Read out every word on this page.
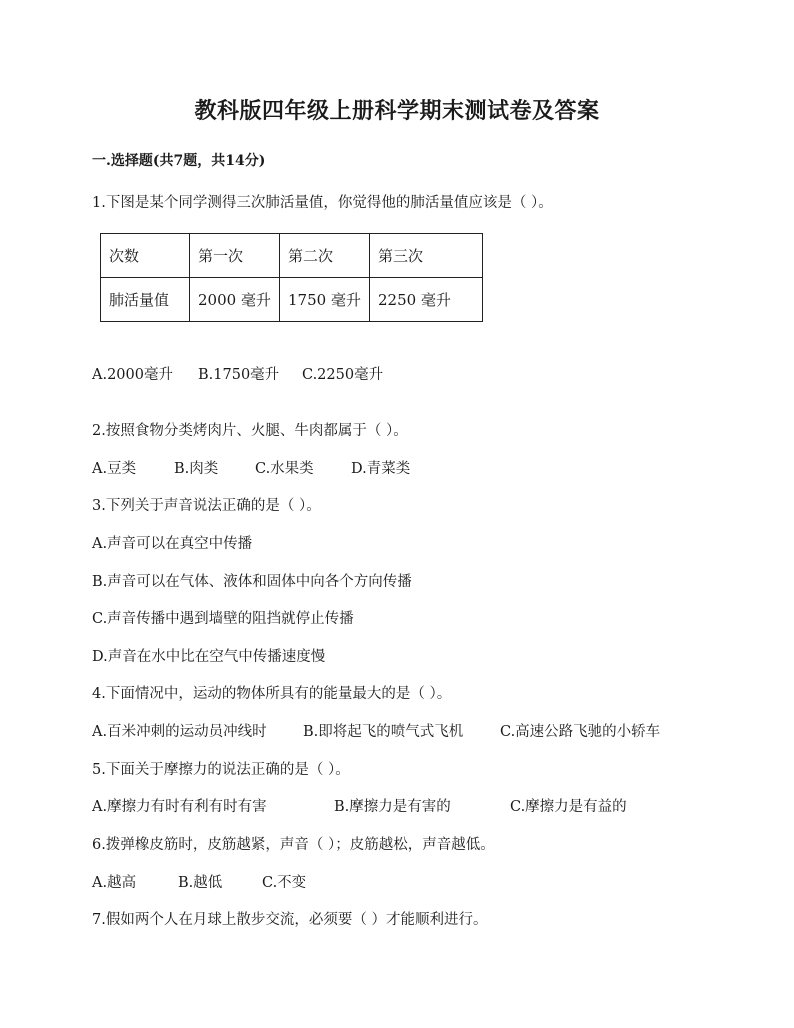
教科版四年级上册科学期末测试卷及答案
一.选择题(共7题，共14分)
1.下图是某个同学测得三次肺活量值，你觉得他的肺活量值应该是（ ）。
次数	第一次	第二次	第三次
肺活量值	2000 毫升	1750 毫升	2250 毫升
A.2000毫升 B.1750毫升 C.2250毫升
2.按照食物分类烤肉片、火腿、牛肉都属于（ ）。
A.豆类	B.肉类	C.水果类	D.青菜类
3.下列关于声音说法正确的是（ ）。
A.声音可以在真空中传播
B.声音可以在气体、液体和固体中向各个方向传播
C.声音传播中遇到墙壁的阻挡就停止传播
D.声音在水中比在空气中传播速度慢
4.下面情况中，运动的物体所具有的能量最大的是（ ）。
A.百米冲刺的运动员冲线时	B.即将起飞的喷气式飞机	C.高速公路飞驰的小轿车
5.下面关于摩擦力的说法正确的是（ ）。
A.摩擦力有时有利有时有害	B.摩擦力是有害的	C.摩擦力是有益的
6.拨弹橡皮筋时，皮筋越紧，声音（ ）；皮筋越松，声音越低。
A.越高	B.越低	C.不变
7.假如两个人在月球上散步交流，必须要（ ）才能顺利进行。
